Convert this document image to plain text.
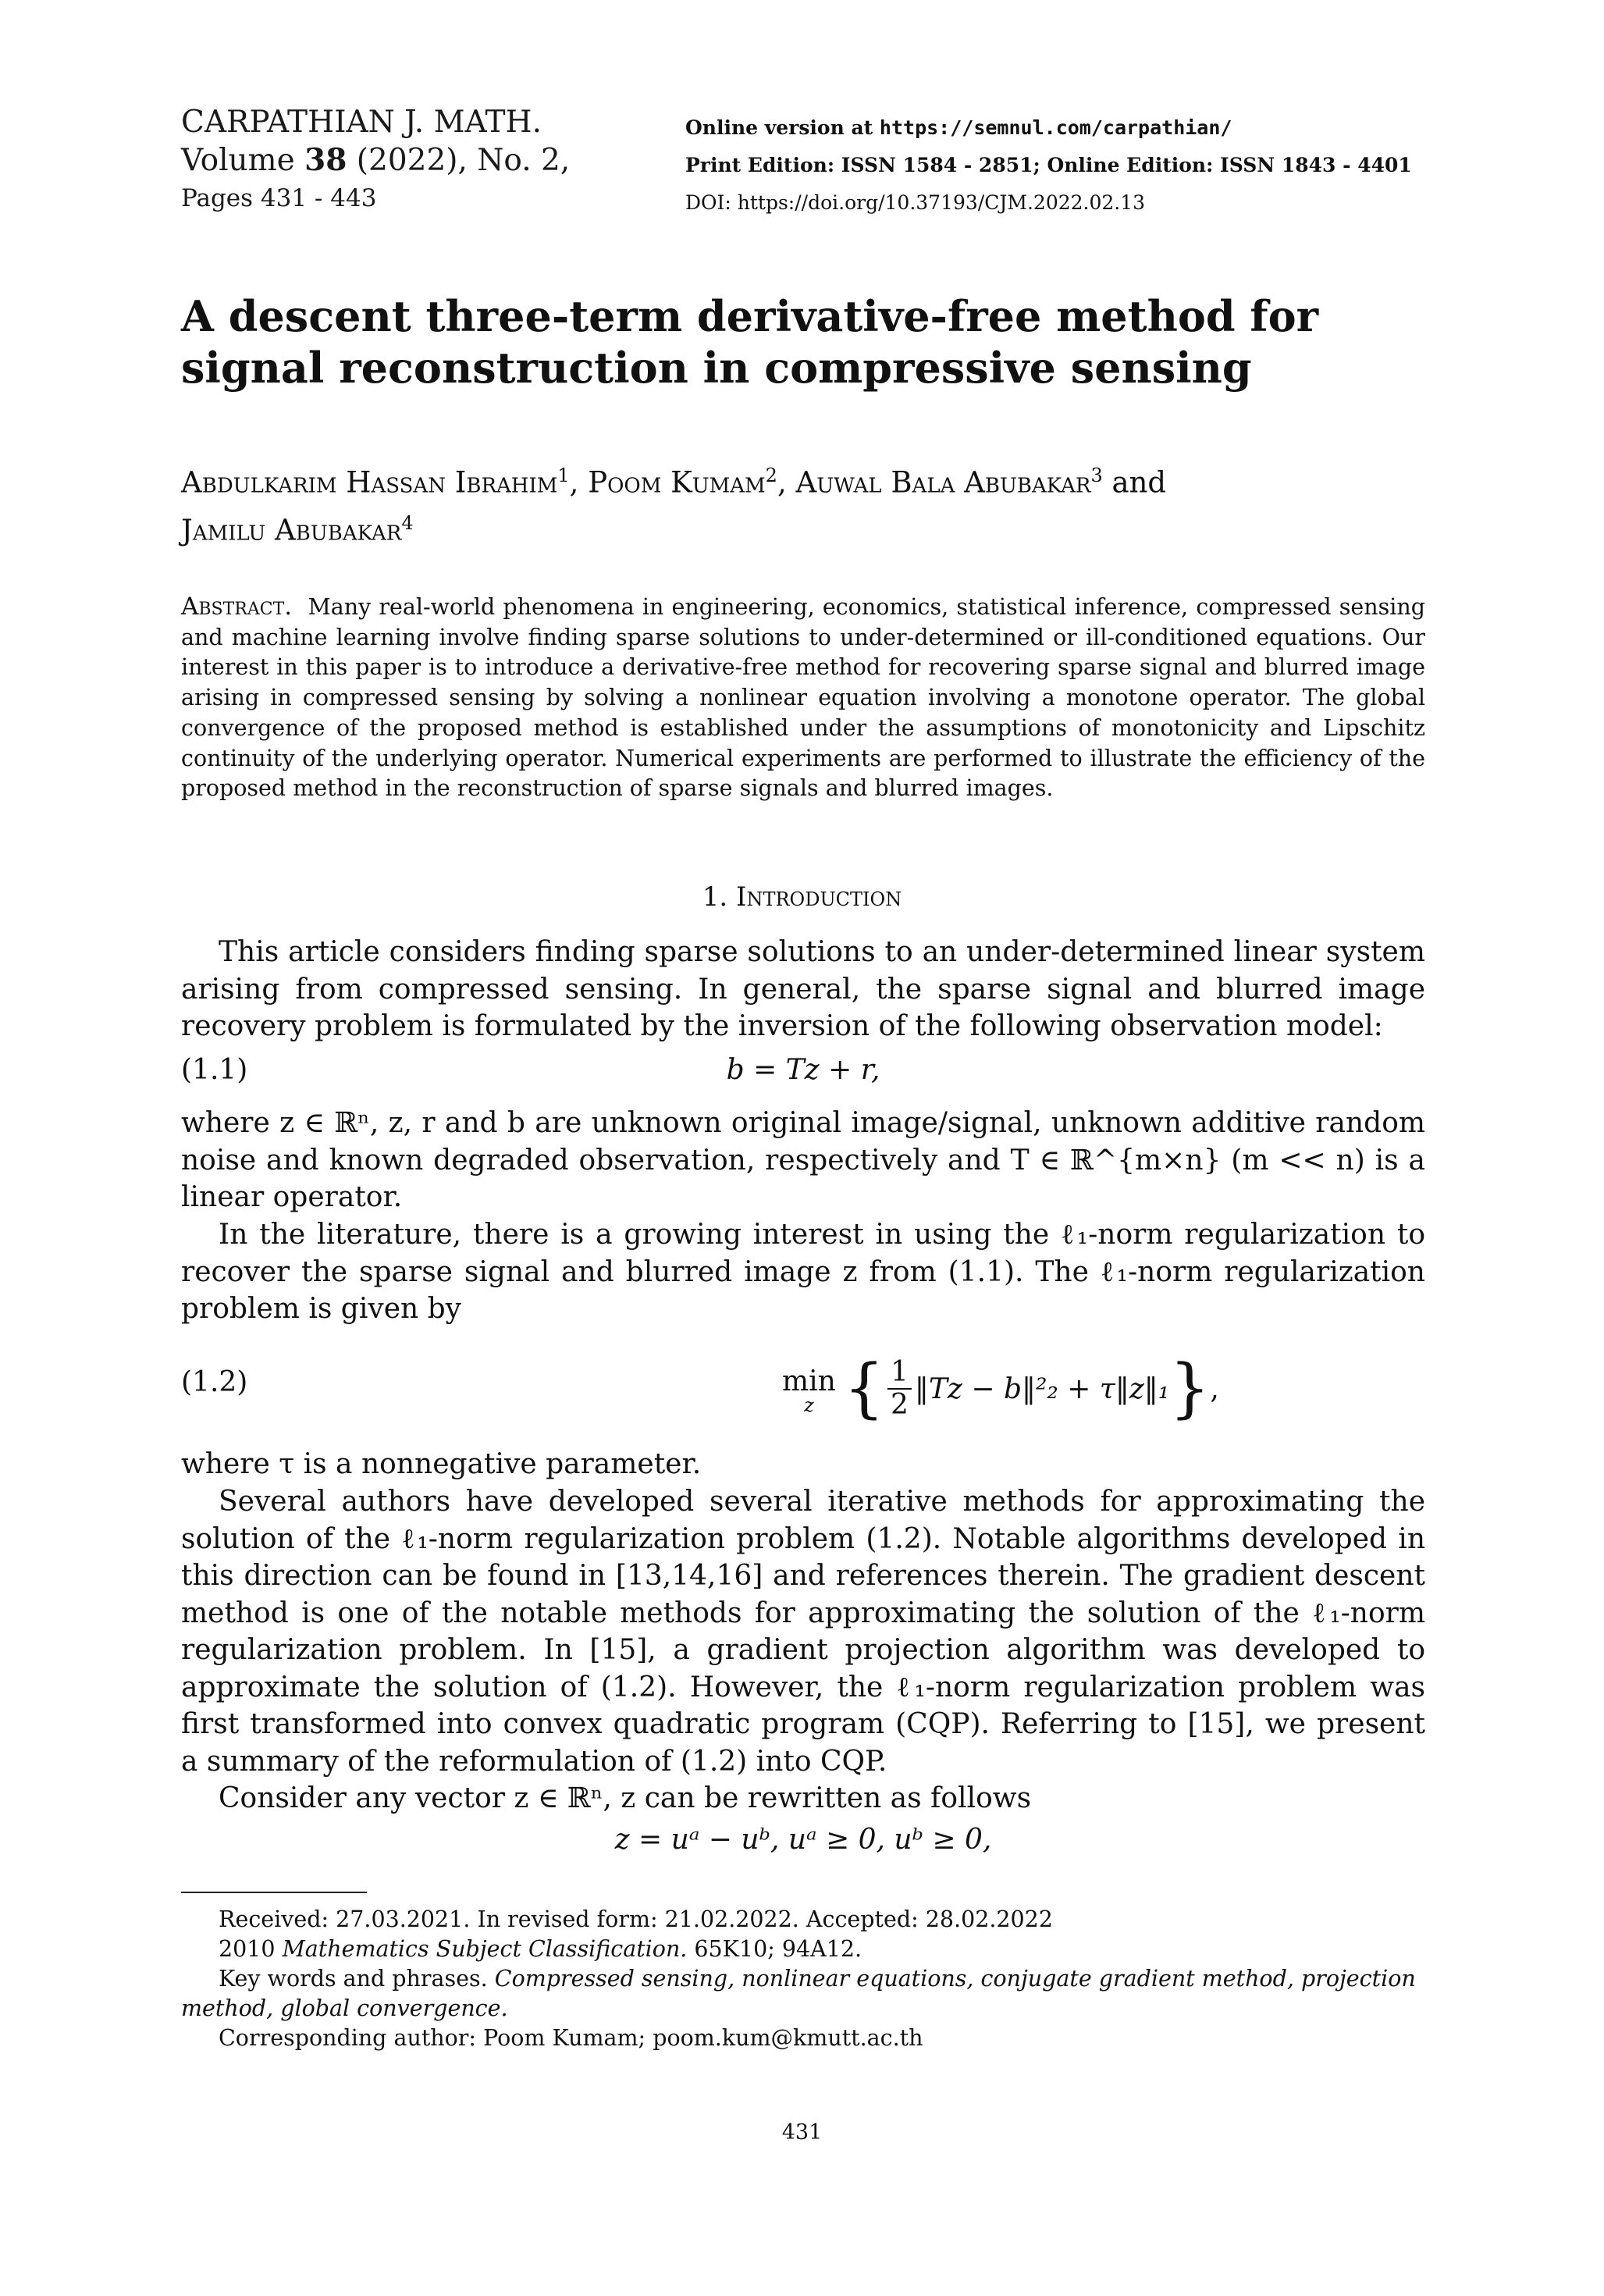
CARPATHIAN J. MATH.
Volume 38 (2022), No. 2,
Pages 431 - 443
Online version at https://semnul.com/carpathian/
Print Edition: ISSN 1584 - 2851; Online Edition: ISSN 1843 - 4401
DOI: https://doi.org/10.37193/CJM.2022.02.13
A descent three-term derivative-free method for signal reconstruction in compressive sensing
Abdulkarim Hassan Ibrahim$^1$, Poom Kumam$^2$, Auwal Bala Abubakar$^3$ and
Jamilu Abubakar$^4$
Abstract. Many real-world phenomena in engineering, economics, statistical inference, compressed sensing and machine learning involve finding sparse solutions to under-determined or ill-conditioned equations. Our interest in this paper is to introduce a derivative-free method for recovering sparse signal and blurred image arising in compressed sensing by solving a nonlinear equation involving a monotone operator. The global convergence of the proposed method is established under the assumptions of monotonicity and Lipschitz continuity of the underlying operator. Numerical experiments are performed to illustrate the efficiency of the proposed method in the reconstruction of sparse signals and blurred images.
1. Introduction
This article considers finding sparse solutions to an under-determined linear system arising from compressed sensing. In general, the sparse signal and blurred image recovery problem is formulated by the inversion of the following observation model:
(1.1)	b = Tz + r,
where z ∈ ℝⁿ, z, r and b are unknown original image/signal, unknown additive random noise and known degraded observation, respectively and T ∈ ℝ^{m×n} (m << n) is a linear operator.
In the literature, there is a growing interest in using the ℓ₁-norm regularization to recover the sparse signal and blurred image z from (1.1). The ℓ₁-norm regularization problem is given by
(1.2)	min
z { 1
2 ‖Tz − b‖²₂ + τ‖z‖₁ } ,
where τ is a nonnegative parameter.
Several authors have developed several iterative methods for approximating the solution of the ℓ₁-norm regularization problem (1.2). Notable algorithms developed in this direction can be found in [13,14,16] and references therein. The gradient descent method is one of the notable methods for approximating the solution of the ℓ₁-norm regularization problem. In [15], a gradient projection algorithm was developed to approximate the solution of (1.2). However, the ℓ₁-norm regularization problem was first transformed into convex quadratic program (CQP). Referring to [15], we present a summary of the reformulation of (1.2) into CQP.
Consider any vector z ∈ ℝⁿ, z can be rewritten as follows
z = uᵃ − uᵇ, uᵃ ≥ 0, uᵇ ≥ 0,
Received: 27.03.2021. In revised form: 21.02.2022. Accepted: 28.02.2022
2010 Mathematics Subject Classification. 65K10; 94A12.
Key words and phrases. Compressed sensing, nonlinear equations, conjugate gradient method, projection method, global convergence.
Corresponding author: Poom Kumam; poom.kum@kmutt.ac.th
431
